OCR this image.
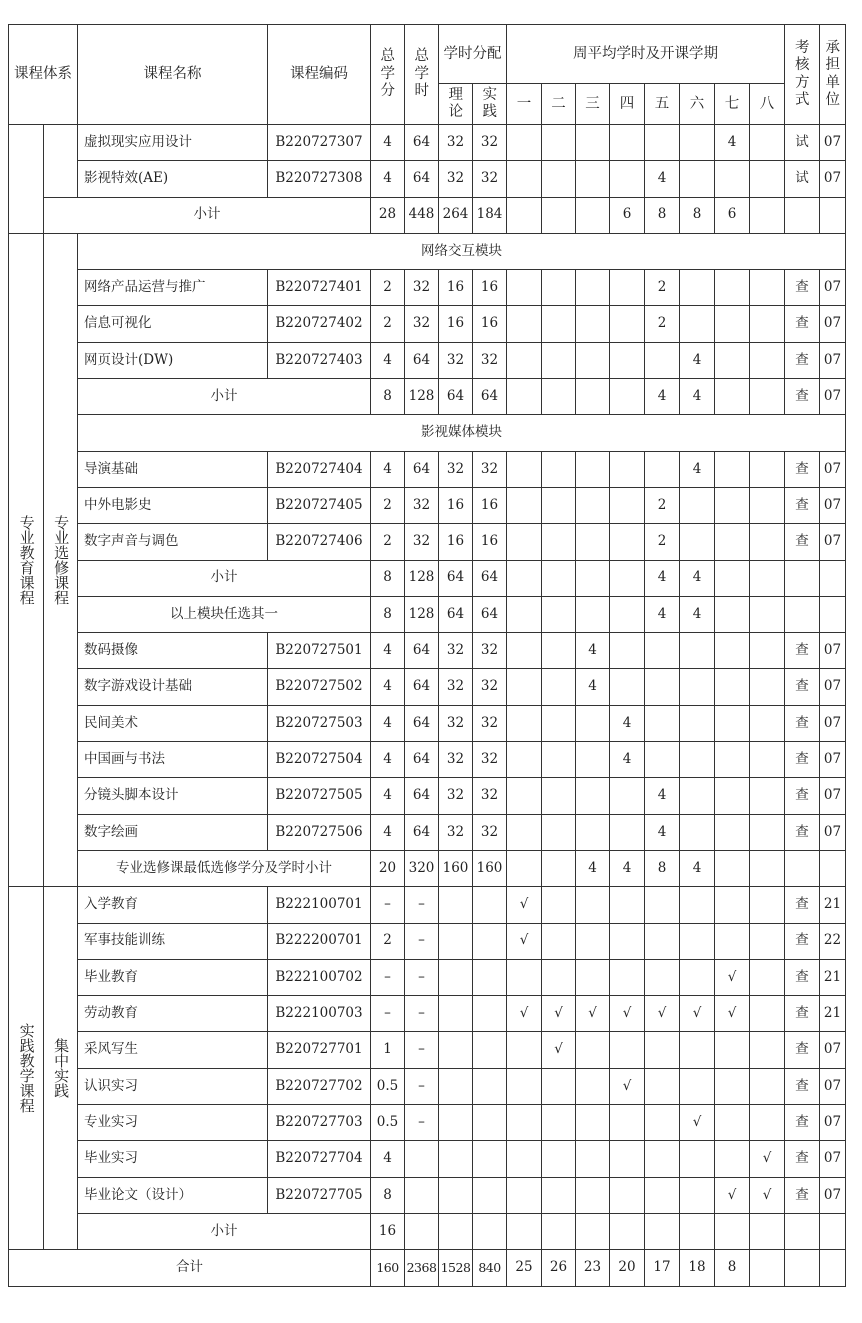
课程体系		课程名称	课程编码	总学分	总学时	学时分配		周平均学时及开课学期								考核方式	承担单位

						理论	实践	一	二	三	四	五	六	七	八		
		虚拟现实应用设计	B220727307	4	64	32	32							4		试	07
		影视特效(AE)	B220727308	4	64	32	32					4				试	07
	小计			28	448	264	184				6	8	8	6			
专业教育课程	专业选修课程	网络交互模块															
		网络产品运营与推广	B220727401	2	32	16	16					2				查	07
		信息可视化	B220727402	2	32	16	16					2				查	07
		网页设计(DW)	B220727403	4	64	32	32						4			查	07
		小计		8	128	64	64					4	4			查	07
		影视媒体模块															
		导演基础	B220727404	4	64	32	32						4			查	07
		中外电影史	B220727405	2	32	16	16					2				查	07
		数字声音与调色	B220727406	2	32	16	16					2				查	07
		小计		8	128	64	64					4	4				
		以上模块任选其一		8	128	64	64					4	4				
		数码摄像	B220727501	4	64	32	32			4						查	07
		数字游戏设计基础	B220727502	4	64	32	32			4						查	07
		民间美术	B220727503	4	64	32	32				4					查	07
		中国画与书法	B220727504	4	64	32	32				4					查	07
		分镜头脚本设计	B220727505	4	64	32	32					4				查	07
		数字绘画	B220727506	4	64	32	32					4				查	07
		专业选修课最低选修学分及学时小计		20	320	160	160			4	4	8	4				
实践教学课程	集中实践	入学教育	B222100701	–	–			√								查	21
		军事技能训练	B222200701	2	–			√								查	22
		毕业教育	B222100702	–	–									√		查	21
		劳动教育	B222100703	–	–			√	√	√	√	√	√	√		查	21
		采风写生	B220727701	1	–				√							查	07
		认识实习	B220727702	0.5	–						√					查	07
		专业实习	B220727703	0.5	–								√			查	07
		毕业实习	B220727704	4											√	查	07
		毕业论文（设计）	B220727705	8										√	√	查	07
		小计		16													
合计				160	2368	1528	840	25	26	23	20	17	18	8			
